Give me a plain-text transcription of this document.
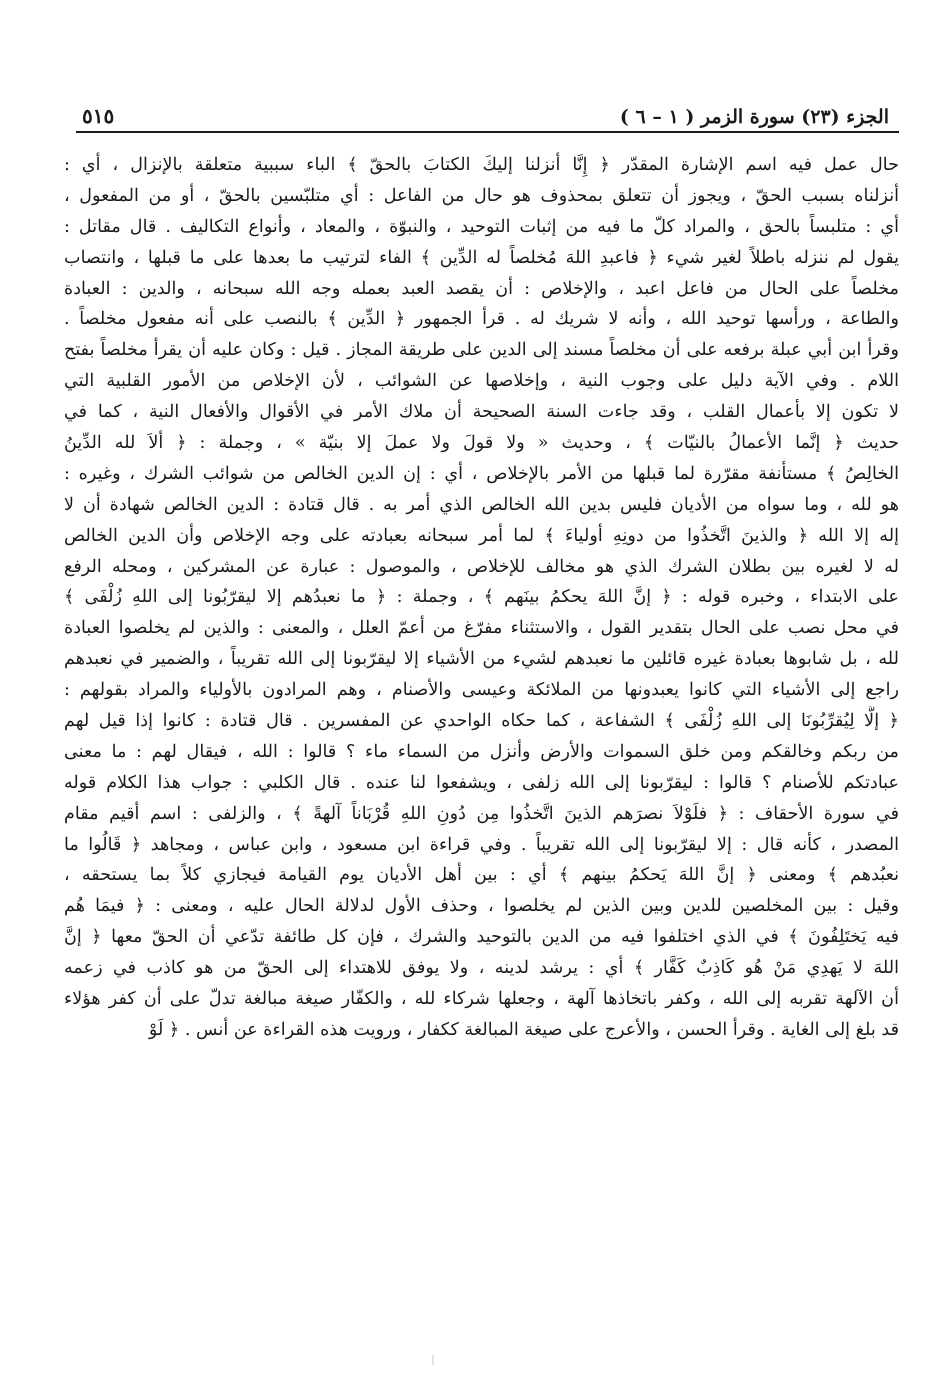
الجزء (٢٣) سورة الزمر ( ١ – ٦ )
٥١٥
حال عمل فيه اسم الإشارة المقدّر ﴿ إِنَّا أنزلنا إليكَ الكتابَ بالحقّ ﴾ الباء سببية متعلقة بالإنزال ، أي :
أنزلناه بسبب الحقّ ، ويجوز أن تتعلق بمحذوف هو حال من الفاعل : أي متلبّسين بالحقّ ، أو من المفعول ،
أي : متلبساً بالحق ، والمراد كلّ ما فيه من إثبات التوحيد ، والنبوّة ، والمعاد ، وأنواع التكاليف . قال مقاتل :
يقول لم ننزله باطلاً لغير شيء ﴿ فاعبدِ اللهَ مُخلصاً له الدِّين ﴾ الفاء لترتيب ما بعدها على ما قبلها ، وانتصاب
مخلصاً على الحال من فاعل اعبد ، والإخلاص : أن يقصد العبد بعمله وجه الله سبحانه ، والدين : العبادة
والطاعة ، ورأسها توحيد الله ، وأنه لا شريك له . قرأ الجمهور ﴿ الدِّين ﴾ بالنصب على أنه مفعول مخلصاً .
وقرأ ابن أبي عبلة برفعه على أن مخلصاً مسند إلى الدين على طريقة المجاز . قيل : وكان عليه أن يقرأ مخلصاً بفتح
اللام . وفي الآية دليل على وجوب النية ، وإخلاصها عن الشوائب ، لأن الإخلاص من الأمور القلبية التي
لا تكون إلا بأعمال القلب ، وقد جاءت السنة الصحيحة أن ملاك الأمر في الأقوال والأفعال النية ، كما في
حديث ﴿ إنَّما الأعمالُ بالنيّات ﴾ ، وحديث « ولا قولَ ولا عملَ إلا بنيّة » ، وجملة : ﴿ ألاَ لله الدِّينُ
الخالِصُ ﴾ مستأنفة مقرّرة لما قبلها من الأمر بالإخلاص ، أي : إن الدين الخالص من شوائب الشرك ، وغيره :
هو لله ، وما سواه من الأديان فليس بدين الله الخالص الذي أمر به . قال قتادة : الدين الخالص شهادة أن لا
إله إلا الله ﴿ والذينَ اتَّخذُوا من دونِهِ أولياءَ ﴾ لما أمر سبحانه بعبادته على وجه الإخلاص وأن الدين الخالص
له لا لغيره بين بطلان الشرك الذي هو مخالف للإخلاص ، والموصول : عبارة عن المشركين ، ومحله الرفع
على الابتداء ، وخبره قوله : ﴿ إنَّ اللهَ يحكمُ بينَهم ﴾ ، وجملة : ﴿ ما نعبدُهم إلا ليقرّبُونا إلى اللهِ زُلْفَى ﴾
في محل نصب على الحال بتقدير القول ، والاستثناء مفرّغ من أعمّ العلل ، والمعنى : والذين لم يخلصوا العبادة
لله ، بل شابوها بعبادة غيره قائلين ما نعبدهم لشيء من الأشياء إلا ليقرّبونا إلى الله تقريباً ، والضمير في نعبدهم
راجع إلى الأشياء التي كانوا يعبدونها من الملائكة وعيسى والأصنام ، وهم المرادون بالأولياء والمراد بقولهم :
﴿ إلَّا لِيُقرِّبُونَا إلى اللهِ زُلْفَى ﴾ الشفاعة ، كما حكاه الواحدي عن المفسرين . قال قتادة : كانوا إذا قيل لهم
من ربكم وخالقكم ومن خلق السموات والأرض وأنزل من السماء ماء ؟ قالوا : الله ، فيقال لهم : ما معنى
عبادتكم للأصنام ؟ قالوا : ليقرّبونا إلى الله زلفى ، ويشفعوا لنا عنده . قال الكلبي : جواب هذا الكلام قوله
في سورة الأحقاف : ﴿ فلَوْلاَ نصرَهم الذينَ اتَّخذُوا مِن دُونِ اللهِ قُرْبَاناً آلهةً ﴾ ، والزلفى : اسم أقيم مقام
المصدر ، كأنه قال : إلا ليقرّبونا إلى الله تقريباً . وفي قراءة ابن مسعود ، وابن عباس ، ومجاهد ﴿ قَالُوا ما
نعبُدهم ﴾ ومعنى ﴿ إنَّ اللهَ يَحكمُ بينهم ﴾ أي : بين أهل الأديان يوم القيامة فيجازي كلاً بما يستحقه ،
وقيل : بين المخلصين للدين وبين الذين لم يخلصوا ، وحذف الأول لدلالة الحال عليه ، ومعنى : ﴿ فيمَا هُم
فيه يَختَلِفُونَ ﴾ في الذي اختلفوا فيه من الدين بالتوحيد والشرك ، فإن كل طائفة تدّعي أن الحقّ معها ﴿ إنَّ
اللهَ لا يَهدِي مَنْ هُو كَاذِبٌ كَفَّار ﴾ أي : يرشد لدينه ، ولا يوفق للاهتداء إلى الحقّ من هو كاذب في زعمه
أن الآلهة تقربه إلى الله ، وكفر باتخاذها آلهة ، وجعلها شركاء لله ، والكفّار صيغة مبالغة تدلّ على أن كفر هؤلاء
قد بلغ إلى الغاية . وقرأ الحسن ، والأعرج على صيغة المبالغة ككفار ، ورويت هذه القراءة عن أنس . ﴿ لَوْ
